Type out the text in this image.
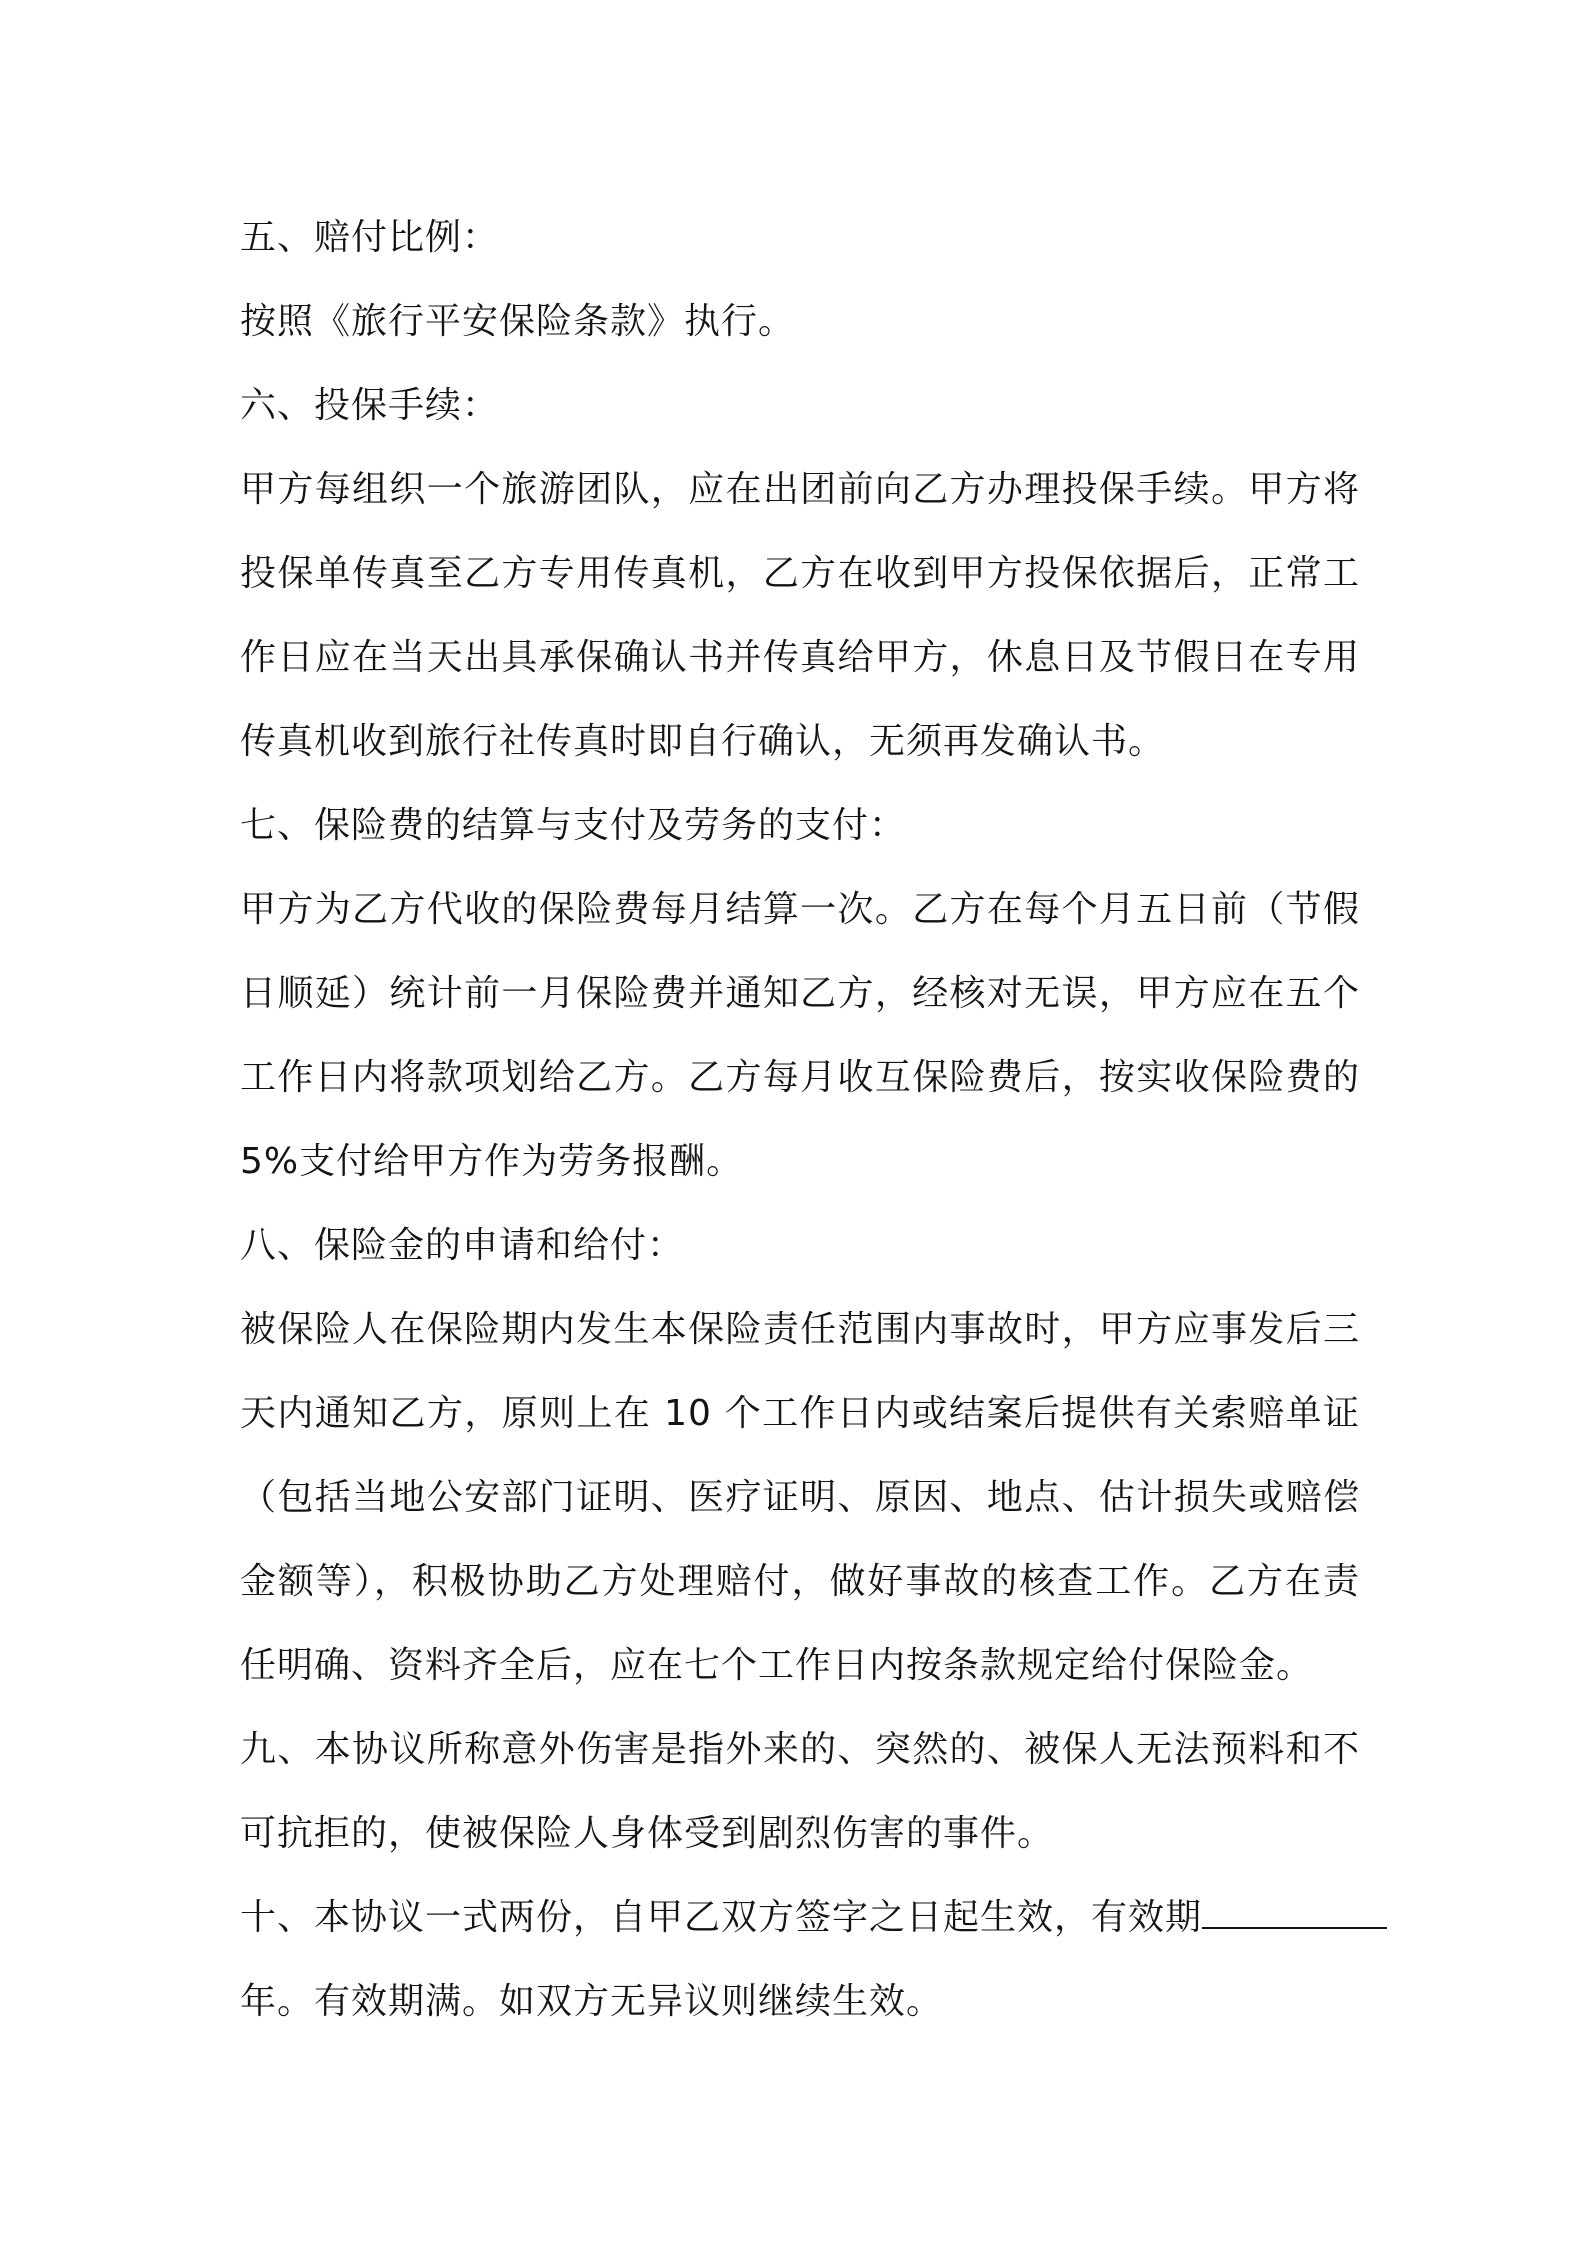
五、赔付比例：
按照《旅行平安保险条款》执行。
六、投保手续：
甲方每组织一个旅游团队，应在出团前向乙方办理投保手续。甲方将
投保单传真至乙方专用传真机，乙方在收到甲方投保依据后，正常工
作日应在当天出具承保确认书并传真给甲方，休息日及节假日在专用
传真机收到旅行社传真时即自行确认，无须再发确认书。
七、保险费的结算与支付及劳务的支付：
甲方为乙方代收的保险费每月结算一次。乙方在每个月五日前（节假
日顺延）统计前一月保险费并通知乙方，经核对无误，甲方应在五个
工作日内将款项划给乙方。乙方每月收互保险费后，按实收保险费的
5%支付给甲方作为劳务报酬。
八、保险金的申请和给付：
被保险人在保险期内发生本保险责任范围内事故时，甲方应事发后三
天内通知乙方，原则上在 10 个工作日内或结案后提供有关索赔单证
（包括当地公安部门证明、医疗证明、原因、地点、估计损失或赔偿
金额等），积极协助乙方处理赔付，做好事故的核查工作。乙方在责
任明确、资料齐全后，应在七个工作日内按条款规定给付保险金。
九、本协议所称意外伤害是指外来的、突然的、被保人无法预料和不
可抗拒的，使被保险人身体受到剧烈伤害的事件。
十、本协议一式两份，自甲乙双方签字之日起生效，有效期
年。有效期满。如双方无异议则继续生效。
